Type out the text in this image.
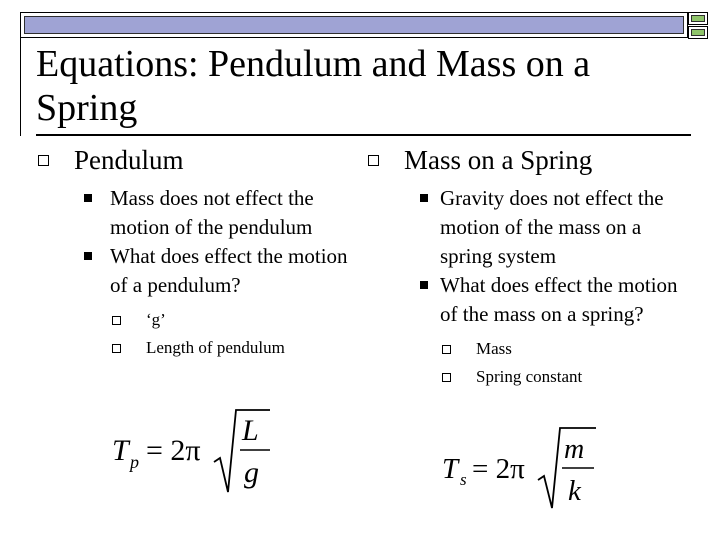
Equations: Pendulum and Mass on a Spring
Pendulum
Mass does not effect the motion of the pendulum
What does effect the motion of a pendulum?
‘g’
Length of pendulum
Mass on a Spring
Gravity does not effect the motion of the mass on a spring system
What does effect the motion of the mass on a spring?
Mass
Spring constant
T p = 2π
L
g	T s = 2π
m
k
